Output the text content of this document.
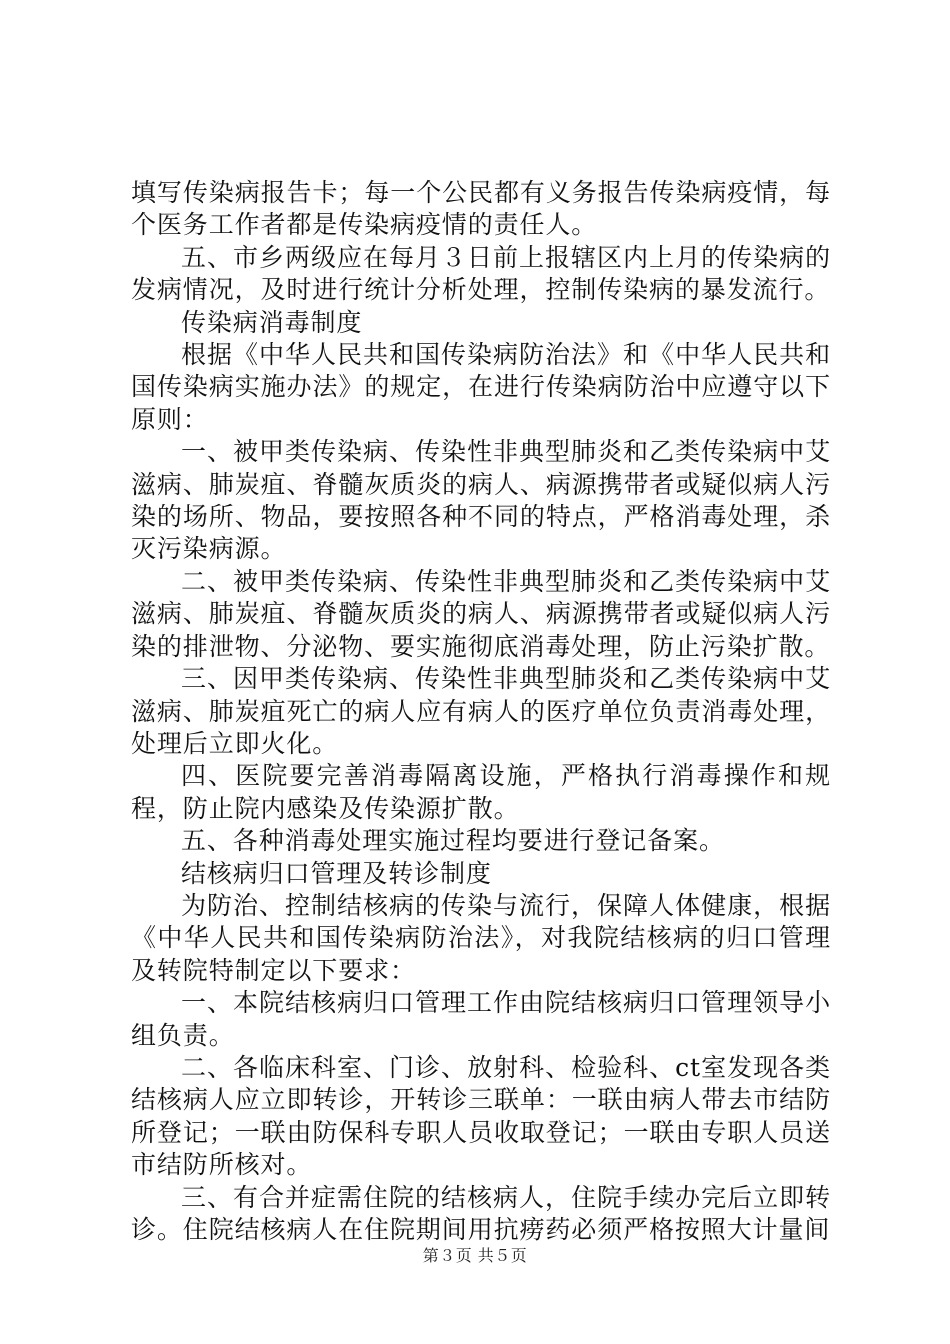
填写传染病报告卡；每一个公民都有义务报告传染病疫情，每个医务工作者都是传染病疫情的责任人。

五、市乡两级应在每月３日前上报辖区内上月的传染病的发病情况，及时进行统计分析处理，控制传染病的暴发流行。

传染病消毒制度

根据《中华人民共和国传染病防治法》和《中华人民共和国传染病实施办法》的规定，在进行传染病防治中应遵守以下原则：

一、被甲类传染病、传染性非典型肺炎和乙类传染病中艾滋病、肺炭疽、脊髓灰质炎的病人、病源携带者或疑似病人污染的场所、物品，要按照各种不同的特点，严格消毒处理，杀灭污染病源。

二、被甲类传染病、传染性非典型肺炎和乙类传染病中艾滋病、肺炭疽、脊髓灰质炎的病人、病源携带者或疑似病人污染的排泄物、分泌物、要实施彻底消毒处理，防止污染扩散。

三、因甲类传染病、传染性非典型肺炎和乙类传染病中艾滋病、肺炭疽死亡的病人应有病人的医疗单位负责消毒处理，处理后立即火化。

四、医院要完善消毒隔离设施，严格执行消毒操作和规程，防止院内感染及传染源扩散。

五、各种消毒处理实施过程均要进行登记备案。

结核病归口管理及转诊制度

为防治、控制结核病的传染与流行，保障人体健康，根据《中华人民共和国传染病防治法》，对我院结核病的归口管理及转院特制定以下要求：

一、本院结核病归口管理工作由院结核病归口管理领导小组负责。

二、各临床科室、门诊、放射科、检验科、ct室发现各类结核病人应立即转诊，开转诊三联单：一联由病人带去市结防所登记；一联由防保科专职人员收取登记；一联由专职人员送市结防所核对。

三、有合并症需住院的结核病人，住院手续办完后立即转诊。住院结核病人在住院期间用抗痨药必须严格按照大计量间

第３页 共５页
